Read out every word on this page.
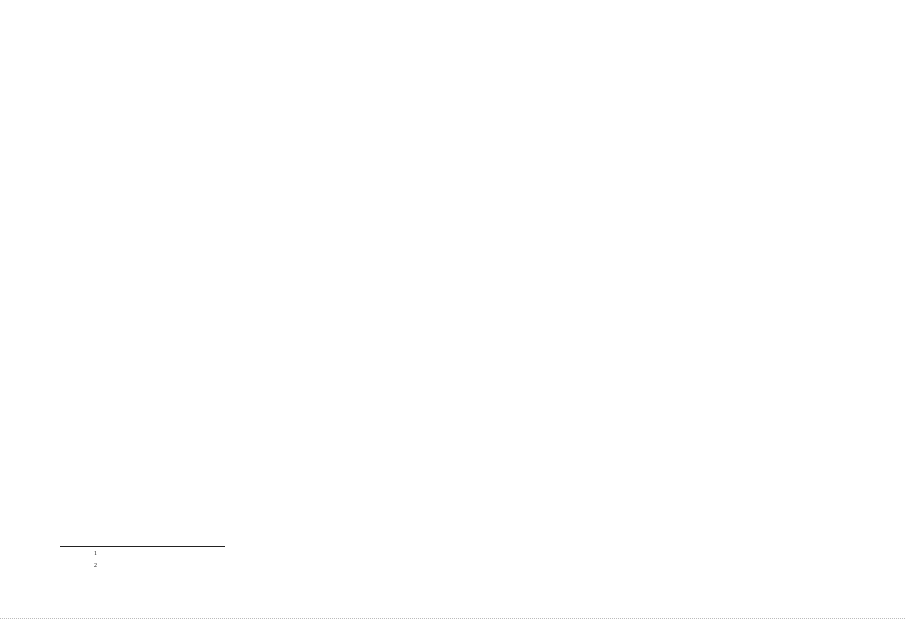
$^1$
$^2$
